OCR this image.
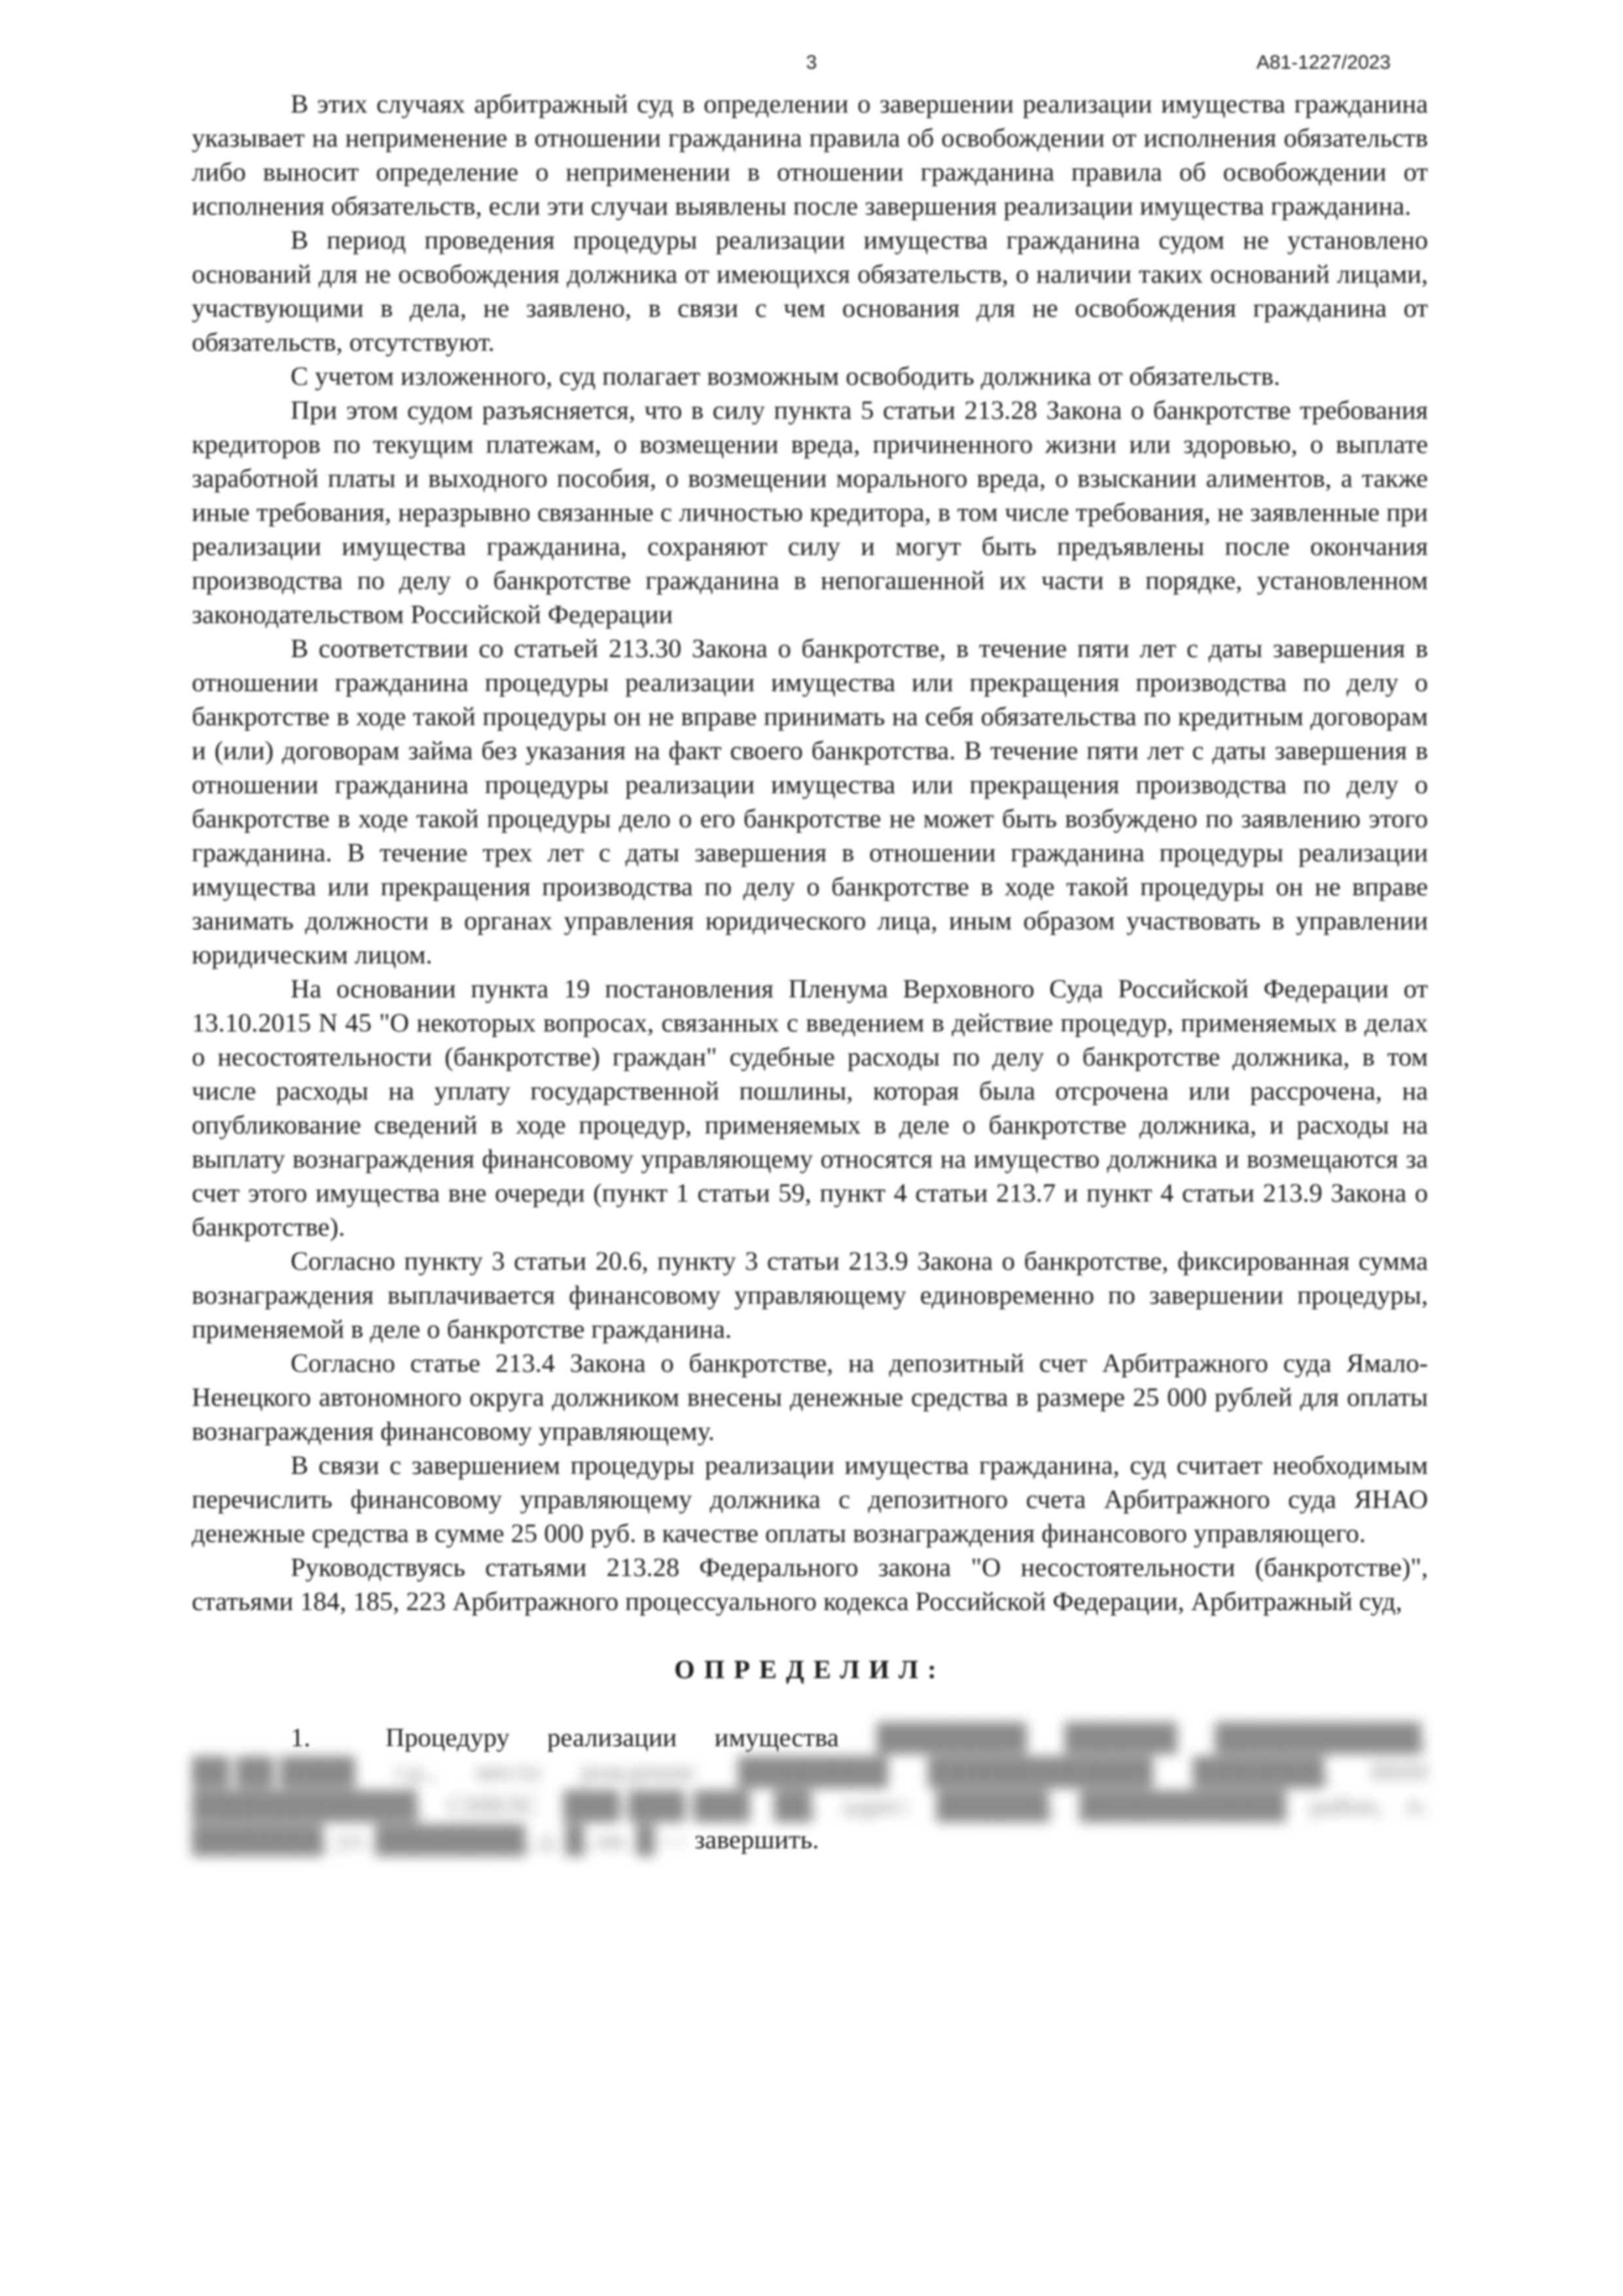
3	А81-1227/2023

В этих случаях арбитражный суд в определении о завершении реализации имущества гражданина указывает на неприменение в отношении гражданина правила об освобождении от исполнения обязательств либо выносит определение о неприменении в отношении гражданина правила об освобождении от исполнения обязательств, если эти случаи выявлены после завершения реализации имущества гражданина.

В период проведения процедуры реализации имущества гражданина судом не установлено оснований для не освобождения должника от имеющихся обязательств, о наличии таких оснований лицами, участвующими в дела, не заявлено, в связи с чем основания для не освобождения гражданина от обязательств, отсутствуют.

С учетом изложенного, суд полагает возможным освободить должника от обязательств.

При этом судом разъясняется, что в силу пункта 5 статьи 213.28 Закона о банкротстве требования кредиторов по текущим платежам, о возмещении вреда, причиненного жизни или здоровью, о выплате заработной платы и выходного пособия, о возмещении морального вреда, о взыскании алиментов, а также иные требования, неразрывно связанные с личностью кредитора, в том числе требования, не заявленные при реализации имущества гражданина, сохраняют силу и могут быть предъявлены после окончания производства по делу о банкротстве гражданина в непогашенной их части в порядке, установленном законодательством Российской Федерации

В соответствии со статьей 213.30 Закона о банкротстве, в течение пяти лет с даты завершения в отношении гражданина процедуры реализации имущества или прекращения производства по делу о банкротстве в ходе такой процедуры он не вправе принимать на себя обязательства по кредитным договорам и (или) договорам займа без указания на факт своего банкротства. В течение пяти лет с даты завершения в отношении гражданина процедуры реализации имущества или прекращения производства по делу о банкротстве в ходе такой процедуры дело о его банкротстве не может быть возбуждено по заявлению этого гражданина. В течение трех лет с даты завершения в отношении гражданина процедуры реализации имущества или прекращения производства по делу о банкротстве в ходе такой процедуры он не вправе занимать должности в органах управления юридического лица, иным образом участвовать в управлении юридическим лицом.

На основании пункта 19 постановления Пленума Верховного Суда Российской Федерации от 13.10.2015 N 45 "О некоторых вопросах, связанных с введением в действие процедур, применяемых в делах о несостоятельности (банкротстве) граждан" судебные расходы по делу о банкротстве должника, в том числе расходы на уплату государственной пошлины, которая была отсрочена или рассрочена, на опубликование сведений в ходе процедур, применяемых в деле о банкротстве должника, и расходы на выплату вознаграждения финансовому управляющему относятся на имущество должника и возмещаются за счет этого имущества вне очереди (пункт 1 статьи 59, пункт 4 статьи 213.7 и пункт 4 статьи 213.9 Закона о банкротстве).

Согласно пункту 3 статьи 20.6, пункту 3 статьи 213.9 Закона о банкротстве, фиксированная сумма вознаграждения выплачивается финансовому управляющему единовременно по завершении процедуры, применяемой в деле о банкротстве гражданина.

Согласно статье 213.4 Закона о банкротстве, на депозитный счет Арбитражного суда Ямало-Ненецкого автономного округа должником внесены денежные средства в размере 25 000 рублей для оплаты вознаграждения финансовому управляющему.

В связи с завершением процедуры реализации имущества гражданина, суд считает необходимым перечислить финансовому управляющему должника с депозитного счета Арбитражного суда ЯНАО денежные средства в сумме 25 000 руб. в качестве оплаты вознаграждения финансового управляющего.

Руководствуясь статьями 213.28 Федерального закона "О несостоятельности (банкротстве)", статьями 184, 185, 223 Арбитражного процессуального кодекса Российской Федерации, Арбитражный суд,

ОПРЕДЕЛИЛ:

1.	Процедуру реализации имущества ████████ ██████ ███████████, ██.██.████ г.р., место рождения: ████████ ████████████ ███████, ИНН ████████████, СНИЛС ███-███-███ ██, адрес: ██████, ███████████ район, п. ███████, ул. ████████, д. █, кв. █ — завершить.
